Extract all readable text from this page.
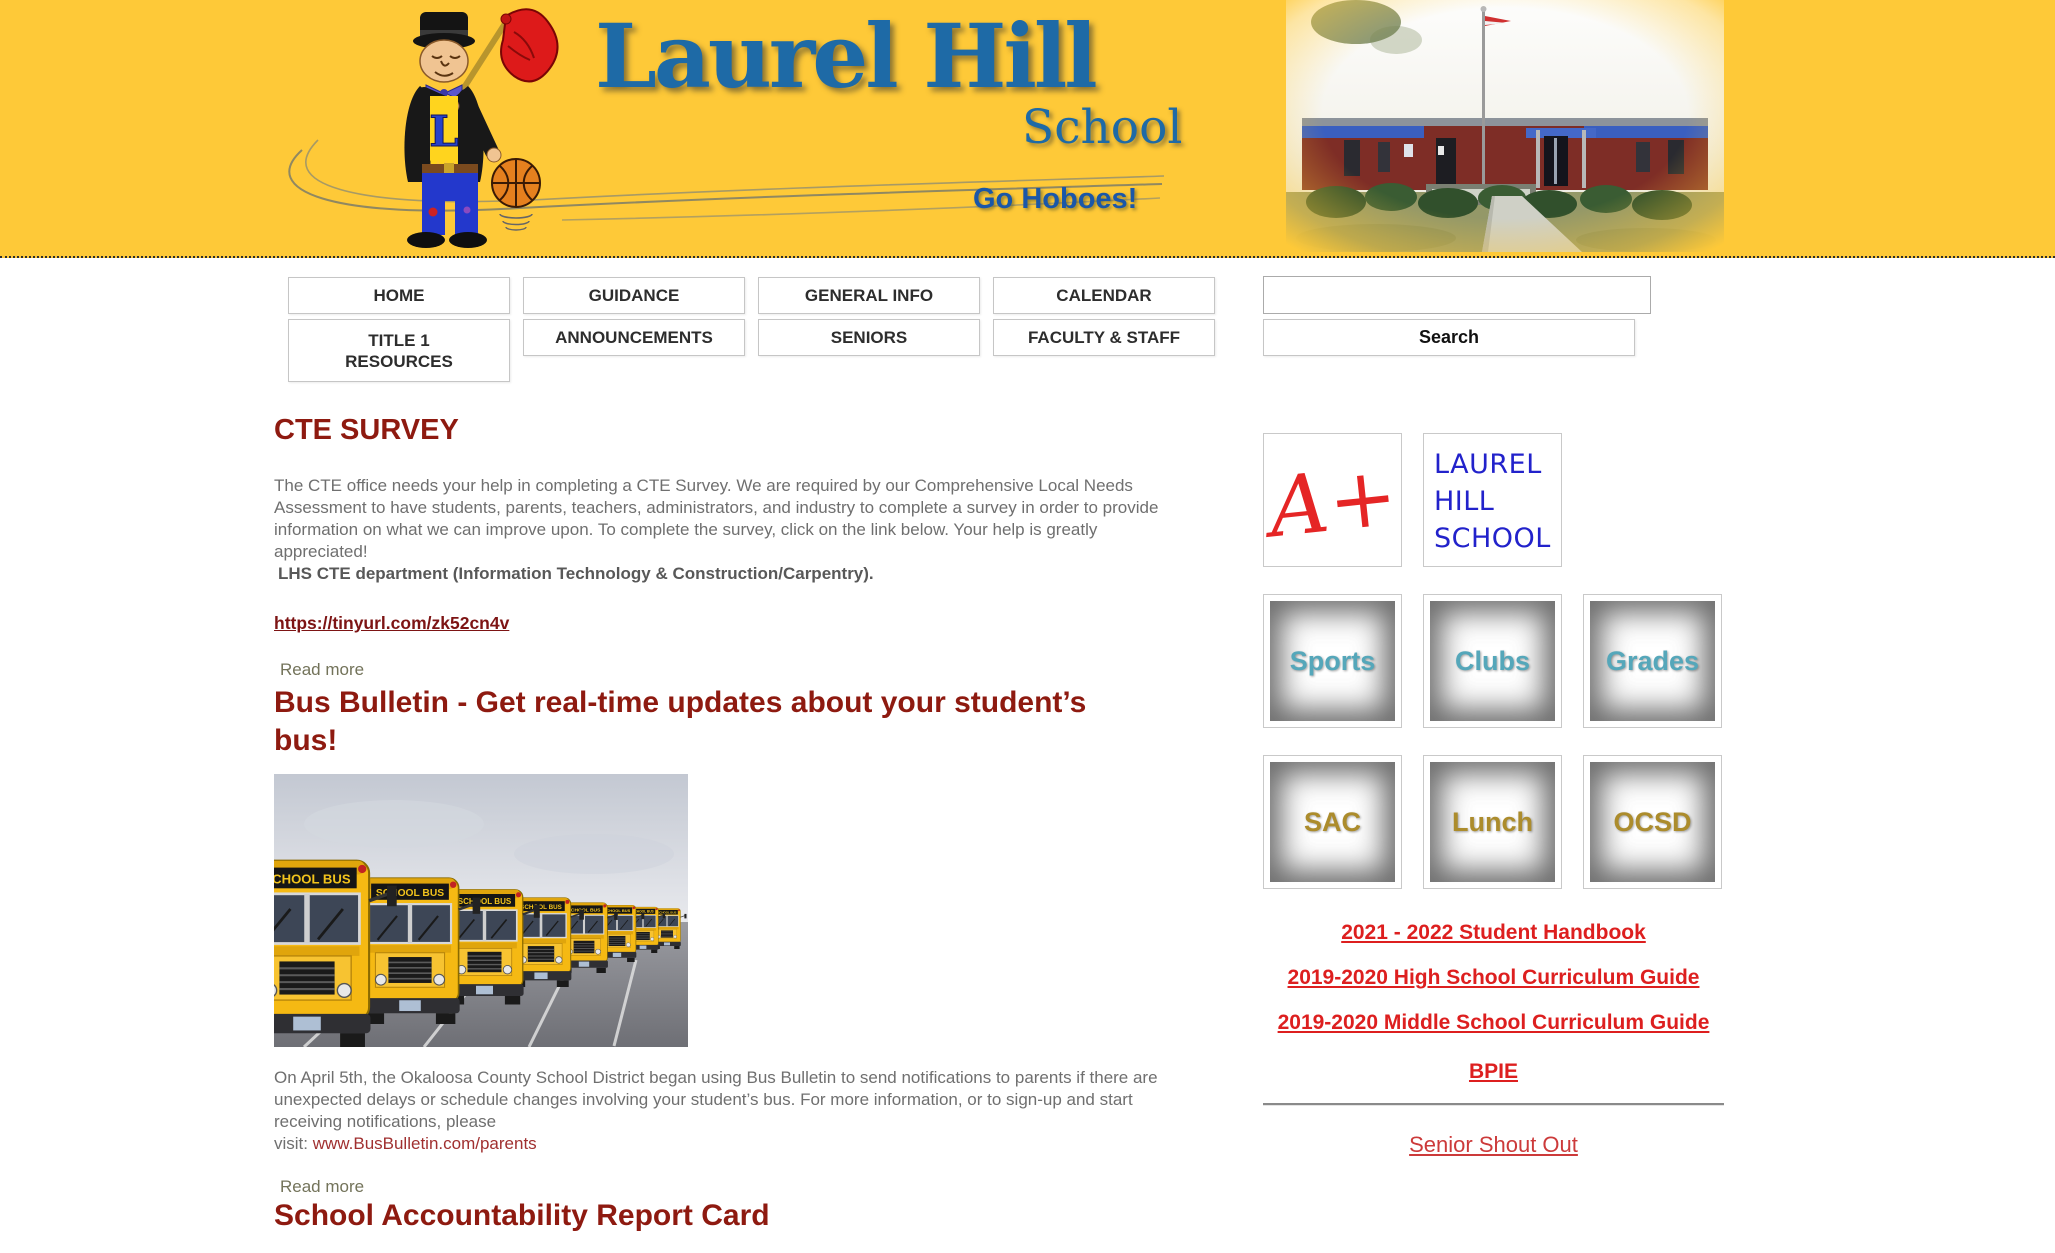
L
Laurel Hill
School
Go Hoboes!
HOME	GUIDANCE	GENERAL INFO	CALENDAR
TITLE 1 RESOURCES
ANNOUNCEMENTS	SENIORS	FACULTY & STAFF	Search
CTE SURVEY
The CTE office needs your help in completing a CTE Survey. We are required by our Comprehensive Local Needs Assessment to have students, parents, teachers, administrators, and industry to complete a survey in order to provide information on what we can improve upon. To complete the survey, click on the link below. Your help is greatly appreciated!
LHS CTE department (Information Technology & Construction/Carpentry).
https://tinyurl.com/zk52cn4v
Read more
Bus Bulletin - Get real-time updates about your student’s bus!
On April 5th, the Okaloosa County School District began using Bus Bulletin to send notifications to parents if there are unexpected delays or schedule changes involving your student’s bus. For more information, or to sign-up and start receiving notifications, please
visit: www.BusBulletin.com/parents
Read more
School Accountability Report Card
A+ LAUREL
HILL
SCHOOL
Sports	Clubs	Grades
SAC	Lunch	OCSD
2021 - 2022 Student Handbook
2019-2020 High School Curriculum Guide
2019-2020 Middle School Curriculum Guide
BPIE
Senior Shout Out
